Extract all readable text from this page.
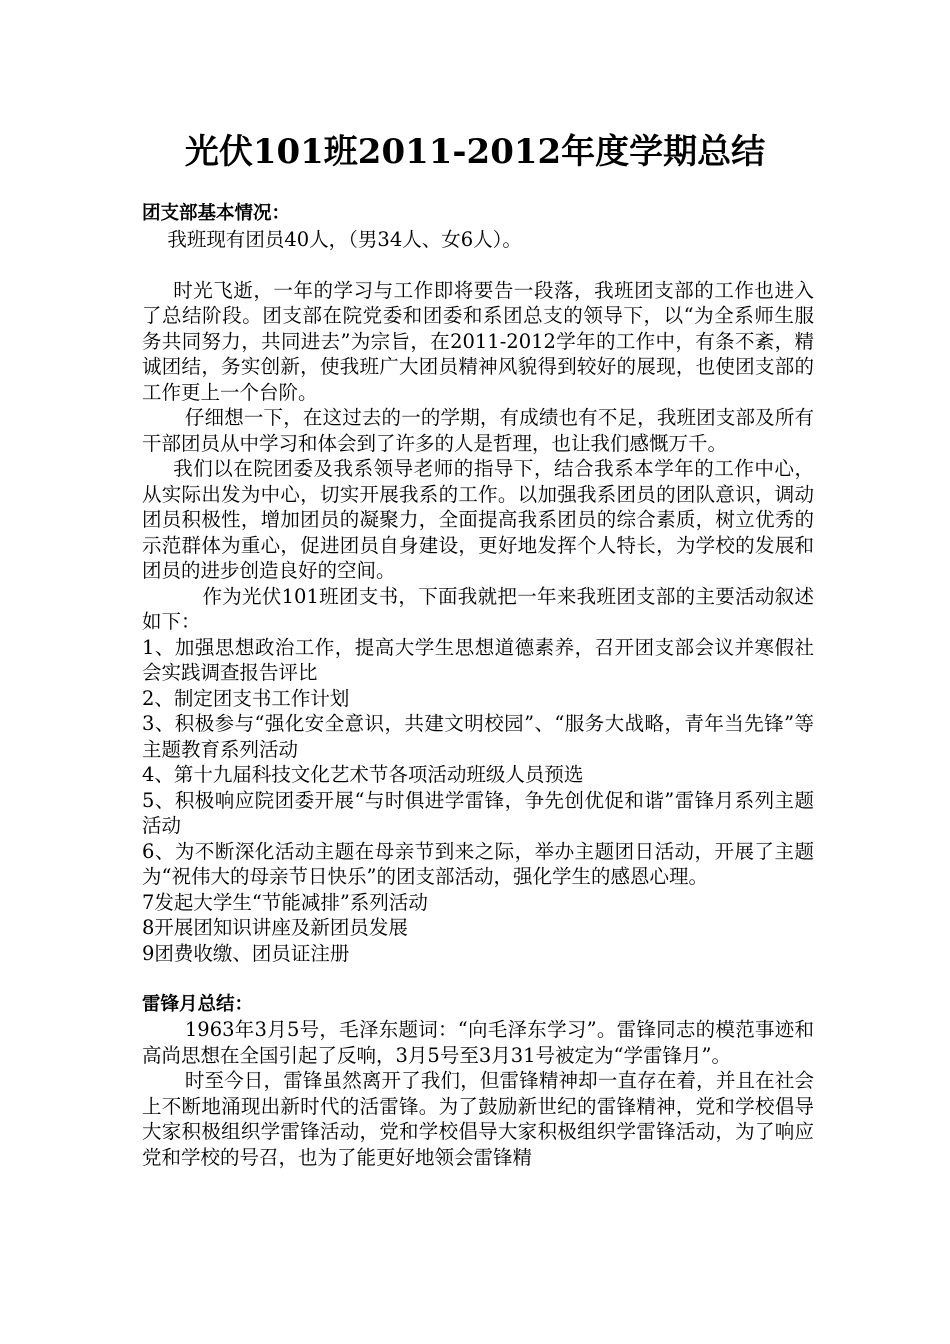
光伏101班2011-2012年度学期总结

团支部基本情况：

我班现有团员40人，（男34人、女6人）。

时光飞逝，一年的学习与工作即将要告一段落，我班团支部的工作也进入了总结阶段。团支部在院党委和团委和系团总支的领导下，以“为全系师生服务共同努力，共同进去”为宗旨，在2011-2012学年的工作中，有条不紊，精诚团结，务实创新，使我班广大团员精神风貌得到较好的展现，也使团支部的工作更上一个台阶。

仔细想一下，在这过去的一的学期，有成绩也有不足，我班团支部及所有干部团员从中学习和体会到了许多的人是哲理，也让我们感慨万千。

我们以在院团委及我系领导老师的指导下，结合我系本学年的工作中心，从实际出发为中心，切实开展我系的工作。以加强我系团员的团队意识，调动团员积极性，增加团员的凝聚力，全面提高我系团员的综合素质，树立优秀的示范群体为重心，促进团员自身建设，更好地发挥个人特长，为学校的发展和团员的进步创造良好的空间。

作为光伏101班团支书，下面我就把一年来我班团支部的主要活动叙述如下：

1、加强思想政治工作，提高大学生思想道德素养，召开团支部会议并寒假社会实践调查报告评比

2、制定团支书工作计划

3、积极参与“强化安全意识，共建文明校园”、“服务大战略，青年当先锋”等主题教育系列活动

4、第十九届科技文化艺术节各项活动班级人员预选

5、积极响应院团委开展“与时俱进学雷锋，争先创优促和谐”雷锋月系列主题活动

6、为不断深化活动主题在母亲节到来之际，举办主题团日活动，开展了主题为“祝伟大的母亲节日快乐”的团支部活动，强化学生的感恩心理。

7发起大学生“节能减排”系列活动

8开展团知识讲座及新团员发展

9团费收缴、团员证注册

雷锋月总结：

1963年3月5号，毛泽东题词：“向毛泽东学习”。雷锋同志的模范事迹和高尚思想在全国引起了反响，3月5号至3月31号被定为“学雷锋月”。

时至今日，雷锋虽然离开了我们，但雷锋精神却一直存在着，并且在社会上不断地涌现出新时代的活雷锋。为了鼓励新世纪的雷锋精神，党和学校倡导大家积极组织学雷锋活动，党和学校倡导大家积极组织学雷锋活动，为了响应党和学校的号召，也为了能更好地领会雷锋精
